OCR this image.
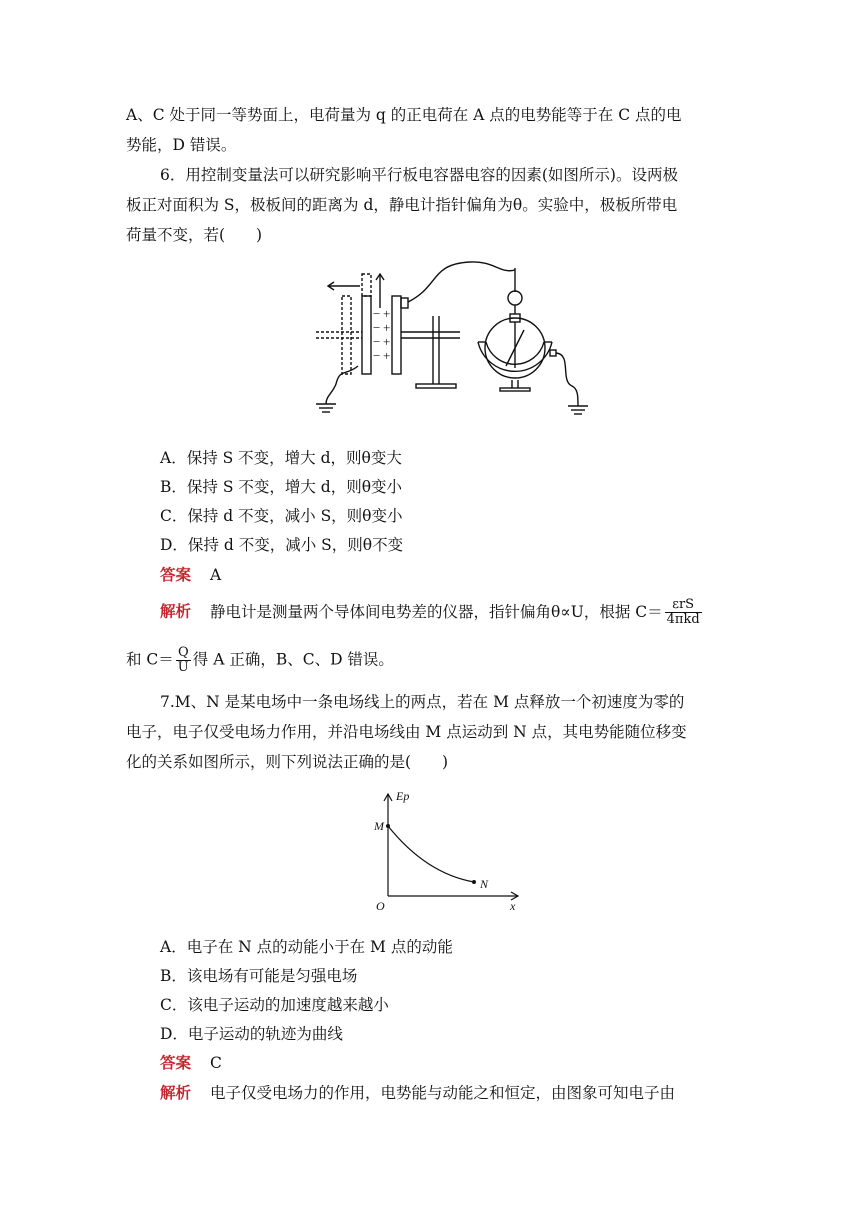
A、C 处于同一等势面上，电荷量为 q 的正电荷在 A 点的电势能等于在 C 点的电
势能，D 错误。
6．用控制变量法可以研究影响平行板电容器电容的因素(如图所示)。设两极
板正对面积为 S，极板间的距离为 d，静电计指针偏角为θ。实验中，极板所带电
荷量不变，若(　　)
−
−
−
−
+
+
+
+
A．保持 S 不变，增大 d，则θ变大
B．保持 S 不变，增大 d，则θ变小
C．保持 d 不变，减小 S，则θ变小
D．保持 d 不变，减小 S，则θ不变
答案 A
解析 静电计是测量两个导体间电势差的仪器，指针偏角θ∝U，根据 $C= \frac{\text{εrS}}{\text{4πkd}}$
和 $C= \frac{Q}{U}$ 得 A 正确，B、C、D 错误。
7.M、N 是某电场中一条电场线上的两点，若在 M 点释放一个初速度为零的
电子，电子仅受电场力作用，并沿电场线由 M 点运动到 N 点，其电势能随位移变
化的关系如图所示，则下列说法正确的是(　　)
Ep
x
O
M
N
A．电子在 N 点的动能小于在 M 点的动能
B．该电场有可能是匀强电场
C．该电子运动的加速度越来越小
D．电子运动的轨迹为曲线
答案 C
解析 电子仅受电场力的作用，电势能与动能之和恒定，由图象可知电子由
